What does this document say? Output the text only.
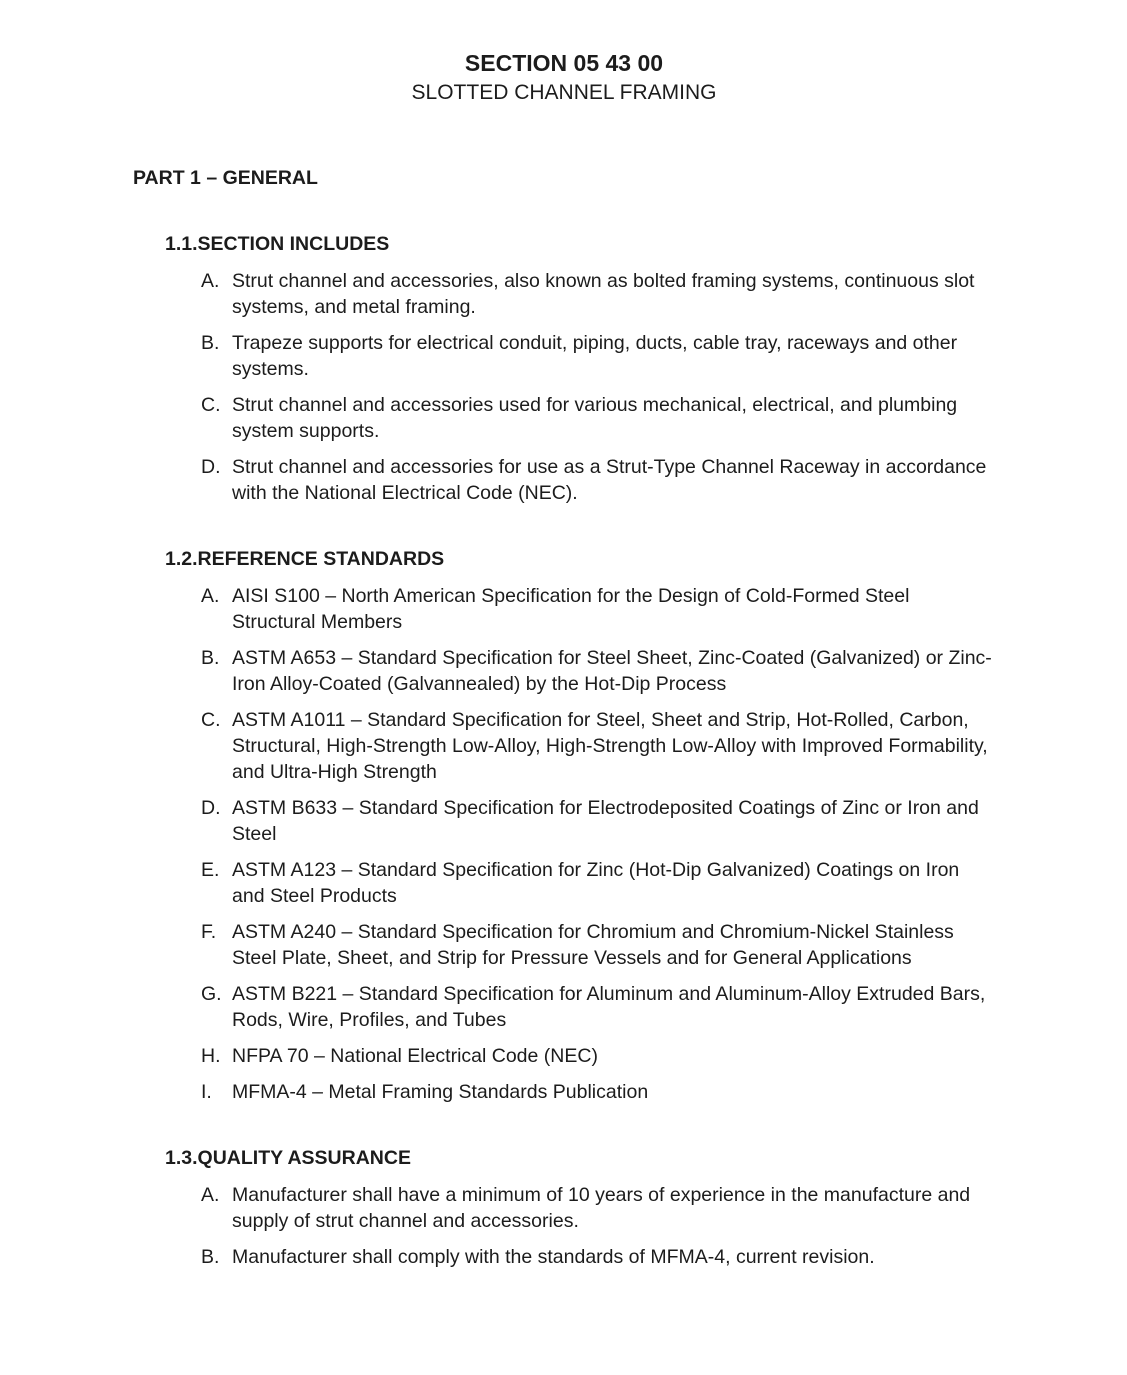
SECTION 05 43 00
SLOTTED CHANNEL FRAMING
PART 1 – GENERAL
1.1.SECTION INCLUDES
A. Strut channel and accessories, also known as bolted framing systems, continuous slot systems, and metal framing.
B. Trapeze supports for electrical conduit, piping, ducts, cable tray, raceways and other systems.
C. Strut channel and accessories used for various mechanical, electrical, and plumbing system supports.
D. Strut channel and accessories for use as a Strut-Type Channel Raceway in accordance with the National Electrical Code (NEC).
1.2.REFERENCE STANDARDS
A. AISI S100 – North American Specification for the Design of Cold-Formed Steel Structural Members
B. ASTM A653 – Standard Specification for Steel Sheet, Zinc-Coated (Galvanized) or Zinc-Iron Alloy-Coated (Galvannealed) by the Hot-Dip Process
C. ASTM A1011 – Standard Specification for Steel, Sheet and Strip, Hot-Rolled, Carbon, Structural, High-Strength Low-Alloy, High-Strength Low-Alloy with Improved Formability, and Ultra-High Strength
D. ASTM B633 – Standard Specification for Electrodeposited Coatings of Zinc or Iron and Steel
E. ASTM A123 – Standard Specification for Zinc (Hot-Dip Galvanized) Coatings on Iron and Steel Products
F. ASTM A240 – Standard Specification for Chromium and Chromium-Nickel Stainless Steel Plate, Sheet, and Strip for Pressure Vessels and for General Applications
G. ASTM B221 – Standard Specification for Aluminum and Aluminum-Alloy Extruded Bars, Rods, Wire, Profiles, and Tubes
H. NFPA 70 – National Electrical Code (NEC)
I.	MFMA-4 – Metal Framing Standards Publication
1.3.QUALITY ASSURANCE
A. Manufacturer shall have a minimum of 10 years of experience in the manufacture and supply of strut channel and accessories.
B. Manufacturer shall comply with the standards of MFMA-4, current revision.
